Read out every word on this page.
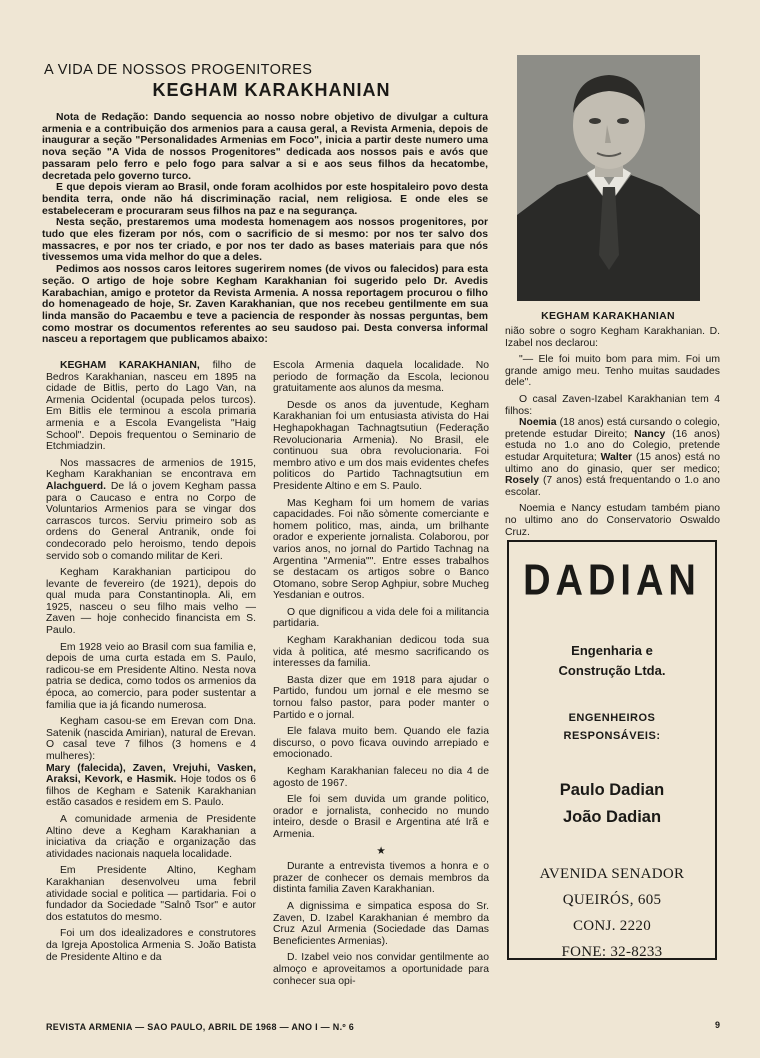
A VIDA DE NOSSOS PROGENITORES
KEGHAM KARAKHANIAN

Nota de Redação: Dando sequencia ao nosso nobre objetivo de divulgar a cultura armenia e a contribuição dos armenios para a causa geral, a Revista Armenia, depois de inaugurar a seção "Personalidades Armenias em Foco", inicia a partir deste numero uma nova seção "A Vida de nossos Progenitores" dedicada aos nossos pais e avós que passaram pelo ferro e pelo fogo para salvar a si e aos seus filhos da hecatombe, decretada pelo governo turco.

E que depois vieram ao Brasil, onde foram acolhidos por este hospitaleiro povo desta bendita terra, onde não há discriminação racial, nem religiosa. E onde eles se estabeleceram e procuraram seus filhos na paz e na segurança.

Nesta seção, prestaremos uma modesta homenagem aos nossos progenitores, por tudo que eles fizeram por nós, com o sacrificio de si mesmo: por nos ter salvo dos massacres, e por nos ter criado, e por nos ter dado as bases materiais para que nós tivessemos uma vida melhor do que a deles.

Pedimos aos nossos caros leitores sugerirem nomes (de vivos ou falecidos) para esta seção. O artigo de hoje sobre Kegham Karakhanian foi sugerido pelo Dr. Avedis Karabachian, amigo e protetor da Revista Armenia. A nossa reportagem procurou o filho do homenageado de hoje, Sr. Zaven Karakhanian, que nos recebeu gentilmente em sua linda mansão do Pacaembu e teve a paciencia de responder às nossas perguntas, bem como mostrar os documentos referentes ao seu saudoso pai. Desta conversa informal nasceu a reportagem que publicamos abaixo:

KEGHAM KARAKHANIAN

KEGHAM KARAKHANIAN, filho de Bedros Karakhanian, nasceu em 1895 na cidade de Bitlis, perto do Lago Van, na Armenia Ocidental (ocupada pelos turcos). Em Bitlis ele terminou a escola primaria armenia e a Escola Evangelista "Haig School". Depois frequentou o Seminario de Etchmiadzin.

Nos massacres de armenios de 1915, Kegham Karakhanian se encontrava em Alachguerd. De lá o jovem Kegham passa para o Caucaso e entra no Corpo de Voluntarios Armenios para se vingar dos carrascos turcos. Serviu primeiro sob as ordens do General Antranik, onde foi condecorado pelo heroismo, tendo depois servido sob o comando militar de Keri.

Kegham Karakhanian participou do levante de fevereiro (de 1921), depois do qual muda para Constantinopla. Ali, em 1925, nasceu o seu filho mais velho — Zaven — hoje conhecido financista em S. Paulo.

Em 1928 veio ao Brasil com sua familia e, depois de uma curta estada em S. Paulo, radicou-se em Presidente Altino. Nesta nova patria se dedica, como todos os armenios da época, ao comercio, para poder sustentar a familia que ia já ficando numerosa.

Kegham casou-se em Erevan com Dna. Satenik (nascida Amirian), natural de Erevan. O casal teve 7 filhos (3 homens e 4 mulheres):

Mary (falecida), Zaven, Vrejuhi, Vasken, Araksi, Kevork, e Hasmik. Hoje todos os 6 filhos de Kegham e Satenik Karakhanian estão casados e residem em S. Paulo.

A comunidade armenia de Presidente Altino deve a Kegham Karakhanian a iniciativa da criação e organização das atividades nacionais naquela localidade.

Em Presidente Altino, Kegham Karakhanian desenvolveu uma febril atividade social e politica — partidaria. Foi o fundador da Sociedade "Salnô Tsor" e autor dos estatutos do mesmo.

Foi um dos idealizadores e construtores da Igreja Apostolica Armenia S. João Batista de Presidente Altino e da

Escola Armenia daquela localidade. No periodo de formação da Escola, lecionou gratuitamente aos alunos da mesma.

Desde os anos da juventude, Kegham Karakhanian foi um entusiasta ativista do Hai Heghapokhagan Tachnagtsutiun (Federação Revolucionaria Armenia). No Brasil, ele continuou sua obra revolucionaria. Foi membro ativo e um dos mais evidentes chefes politicos do Partido Tachnagtsutiun em Presidente Altino e em S. Paulo.

Mas Kegham foi um homem de varias capacidades. Foi não sòmente comerciante e homem politico, mas, ainda, um brilhante orador e experiente jornalista. Colaborou, por varios anos, no jornal do Partido Tachnag na Argentina "Armenia"". Entre esses trabalhos se destacam os artigos sobre o Banco Otomano, sobre Serop Aghpiur, sobre Mucheg Yesdanian e outros.

O que dignificou a vida dele foi a militancia partidaria.

Kegham Karakhanian dedicou toda sua vida à politica, até mesmo sacrificando os interesses da familia.

Basta dizer que em 1918 para ajudar o Partido, fundou um jornal e ele mesmo se tornou falso pastor, para poder manter o Partido e o jornal.

Ele falava muito bem. Quando ele fazia discurso, o povo ficava ouvindo arrepiado e emocionado.

Kegham Karakhanian faleceu no dia 4 de agosto de 1967.

Ele foi sem duvida um grande politico, orador e jornalista, conhecido no mundo inteiro, desde o Brasil e Argentina até Irã e Armenia.

★

Durante a entrevista tivemos a honra e o prazer de conhecer os demais membros da distinta familia Zaven Karakhanian.

A dignissima e simpatica esposa do Sr. Zaven, D. Izabel Karakhanian é membro da Cruz Azul Armenia (Sociedade das Damas Beneficientes Armenias).

D. Izabel veio nos convidar gentilmente ao almoço e aproveitamos a oportunidade para conhecer sua opi-

nião sobre o sogro Kegham Karakhanian. D. Izabel nos declarou:

"— Ele foi muito bom para mim. Foi um grande amigo meu. Tenho muitas saudades dele".

O casal Zaven-Izabel Karakhanian tem 4 filhos:

Noemia (18 anos) está cursando o colegio, pretende estudar Direito; Nancy (16 anos) estuda no 1.o ano do Colegio, pretende estudar Arquitetura; Walter (15 anos) está no ultimo ano do ginasio, quer ser medico; Rosely (7 anos) está frequentando o 1.o ano escolar.

Noemia e Nancy estudam também piano no ultimo ano do Conservatorio Oswaldo Cruz.

DADIAN
Engenharia e
Construção Ltda.
ENGENHEIROS
RESPONSÁVEIS:
Paulo Dadian
João Dadian
AVENIDA SENADOR
QUEIRÓS, 605
CONJ. 2220
FONE: 32-8233
REVISTA ARMENIA — SAO PAULO, ABRIL DE 1968 — ANO I — N.º 6	9
